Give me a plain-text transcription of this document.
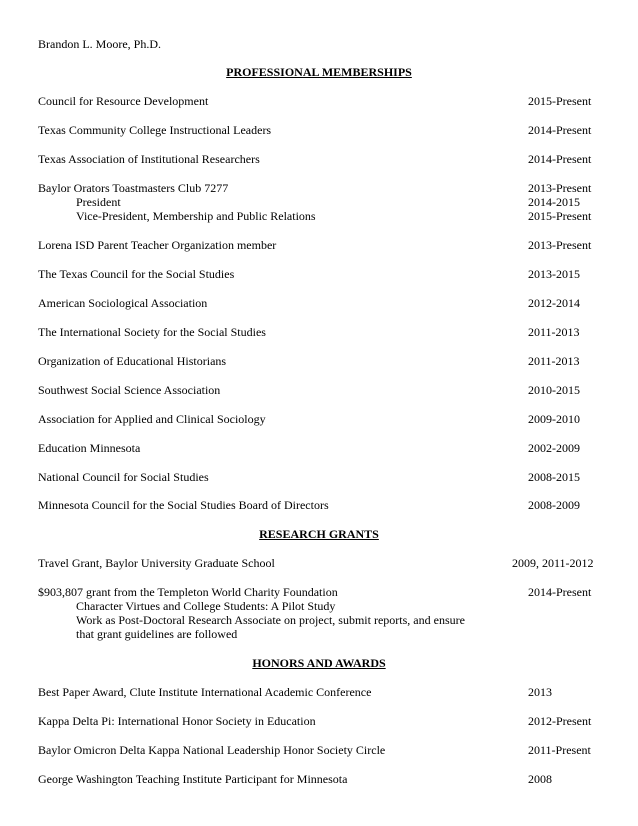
Brandon L. Moore, Ph.D.
PROFESSIONAL MEMBERSHIPS
Council for Resource Development	2015-Present
Texas Community College Instructional Leaders	2014-Present
Texas Association of Institutional Researchers	2014-Present
Baylor Orators Toastmasters Club 7277	2013-Present
President	2014-2015
Vice-President, Membership and Public Relations	2015-Present
Lorena ISD Parent Teacher Organization member	2013-Present
The Texas Council for the Social Studies	2013-2015
American Sociological Association	2012-2014
The International Society for the Social Studies	2011-2013
Organization of Educational Historians	2011-2013
Southwest Social Science Association	2010-2015
Association for Applied and Clinical Sociology	2009-2010
Education Minnesota	2002-2009
National Council for Social Studies	2008-2015
Minnesota Council for the Social Studies Board of Directors	2008-2009
RESEARCH GRANTS
Travel Grant, Baylor University Graduate School	2009, 2011-2012
$903,807 grant from the Templeton World Charity Foundation	2014-Present
Character Virtues and College Students: A Pilot Study
Work as Post-Doctoral Research Associate on project, submit reports, and ensure
that grant guidelines are followed
HONORS AND AWARDS
Best Paper Award, Clute Institute International Academic Conference	2013
Kappa Delta Pi: International Honor Society in Education	2012-Present
Baylor Omicron Delta Kappa National Leadership Honor Society Circle	2011-Present
George Washington Teaching Institute Participant for Minnesota	2008
